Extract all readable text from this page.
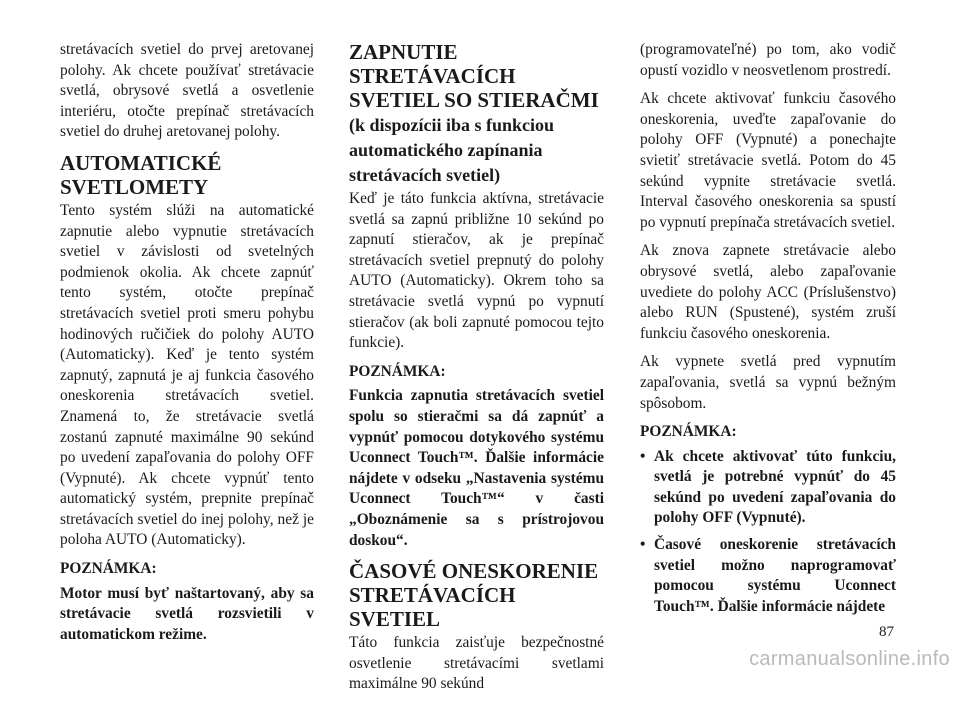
stretávacích svetiel do prvej aretovanej polohy. Ak chcete používať stretávacie svetlá, obrysové svetlá a osvetlenie interiéru, otočte prepínač stretávacích svetiel do druhej aretovanej polohy.

AUTOMATICKÉ SVETLOMETY

Tento systém slúži na automatické zapnutie alebo vypnutie stretávacích svetiel v závislosti od svetelných podmienok okolia. Ak chcete zapnúť tento systém, otočte prepínač stretávacích svetiel proti smeru pohybu hodinových ručičiek do polohy AUTO (Automaticky). Keď je tento systém zapnutý, zapnutá je aj funkcia časového oneskorenia stretávacích svetiel. Znamená to, že stretávacie svetlá zostanú zapnuté maximálne 90 sekúnd po uvedení zapaľovania do polohy OFF (Vypnuté). Ak chcete vypnúť tento automatický systém, prepnite prepínač stretávacích svetiel do inej polohy, než je poloha AUTO (Automaticky).

POZNÁMKA:

Motor musí byť naštartovaný, aby sa stretávacie svetlá rozsvietili v automatickom režime.

ZAPNUTIE STRETÁVACÍCH SVETIEL SO STIERAČMI (k dispozícii iba s funkciou automatického zapínania stretávacích svetiel)

Keď je táto funkcia aktívna, stretávacie svetlá sa zapnú približne 10 sekúnd po zapnutí stieračov, ak je prepínač stretávacích svetiel prepnutý do polohy AUTO (Automaticky). Okrem toho sa stretávacie svetlá vypnú po vypnutí stieračov (ak boli zapnuté pomocou tejto funkcie).

POZNÁMKA:

Funkcia zapnutia stretávacích svetiel spolu so stieračmi sa dá zapnúť a vypnúť pomocou dotykového systému Uconnect Touch™. Ďalšie informácie nájdete v odseku „Nastavenia systému Uconnect Touch™“ v časti „Oboznámenie sa s prístrojovou doskou“.

ČASOVÉ ONESKORENIE STRETÁVACÍCH SVETIEL

Táto funkcia zaisťuje bezpečnostné osvetlenie stretávacími svetlami maximálne 90 sekúnd

(programovateľné) po tom, ako vodič opustí vozidlo v neosvetlenom prostredí.

Ak chcete aktivovať funkciu časového oneskorenia, uveďte zapaľovanie do polohy OFF (Vypnuté) a ponechajte svietiť stretávacie svetlá. Potom do 45 sekúnd vypnite stretávacie svetlá. Interval časového oneskorenia sa spustí po vypnutí prepínača stretávacích svetiel.

Ak znova zapnete stretávacie alebo obrysové svetlá, alebo zapaľovanie uvediete do polohy ACC (Príslušenstvo) alebo RUN (Spustené), systém zruší funkciu časového oneskorenia.

Ak vypnete svetlá pred vypnutím zapaľovania, svetlá sa vypnú bežným spôsobom.

POZNÁMKA:
• Ak chcete aktivovať túto funkciu, svetlá je potrebné vypnúť do 45 sekúnd po uvedení zapaľovania do polohy OFF (Vypnuté).
• Časové oneskorenie stretávacích svetiel možno naprogramovať pomocou systému Uconnect Touch™. Ďalšie informácie nájdete
87
carmanualsonline.info
